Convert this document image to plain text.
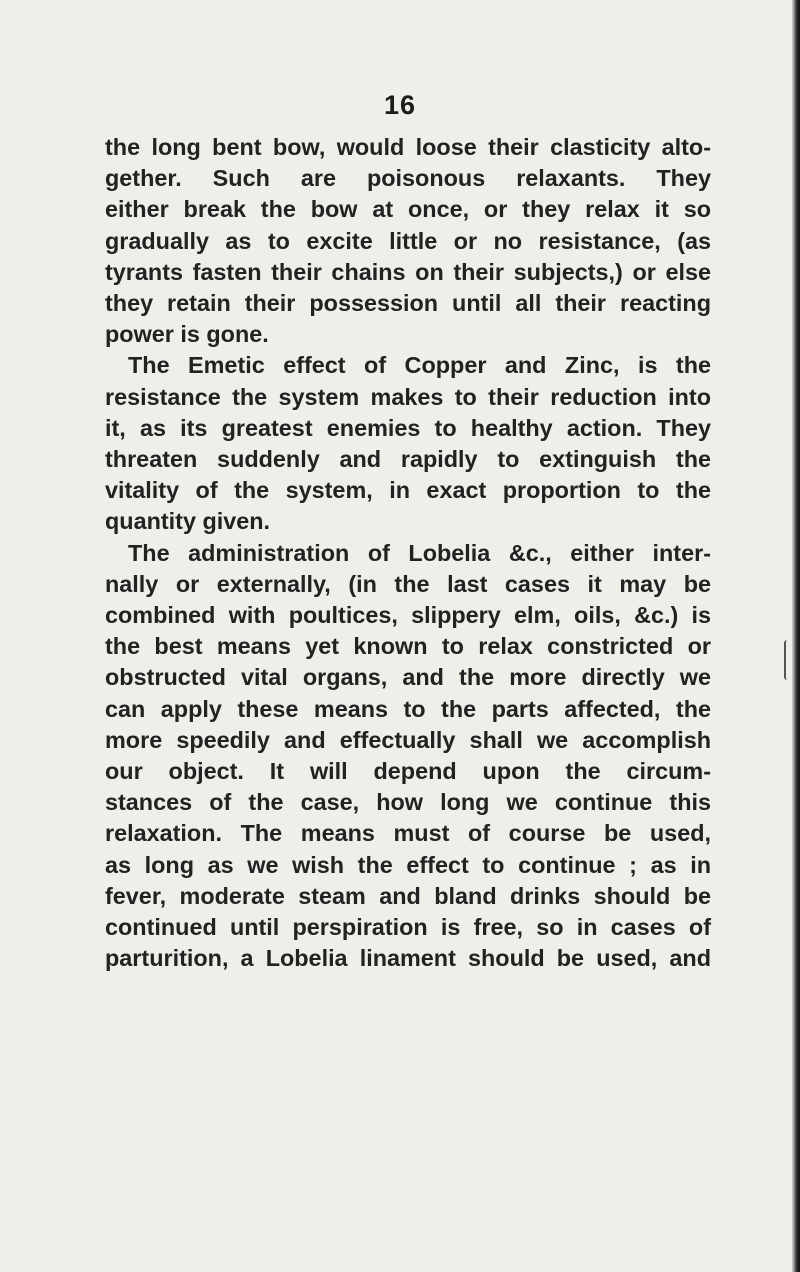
16
the long bent bow, would loose their clasticity alto-
gether. Such are poisonous relaxants. They
either break the bow at once, or they relax it so
gradually as to excite little or no resistance, (as
tyrants fasten their chains on their subjects,) or else
they retain their possession until all their reacting
power is gone.
The Emetic effect of Copper and Zinc, is the
resistance the system makes to their reduction into
it, as its greatest enemies to healthy action. They
threaten suddenly and rapidly to extinguish the
vitality of the system, in exact proportion to the
quantity given.
The administration of Lobelia &c., either inter-
nally or externally, (in the last cases it may be
combined with poultices, slippery elm, oils, &c.) is
the best means yet known to relax constricted or
obstructed vital organs, and the more directly we
can apply these means to the parts affected, the
more speedily and effectually shall we accomplish
our object. It will depend upon the circum-
stances of the case, how long we continue this
relaxation. The means must of course be used,
as long as we wish the effect to continue ; as in
fever, moderate steam and bland drinks should be
continued until perspiration is free, so in cases of
parturition, a Lobelia linament should be used, and
